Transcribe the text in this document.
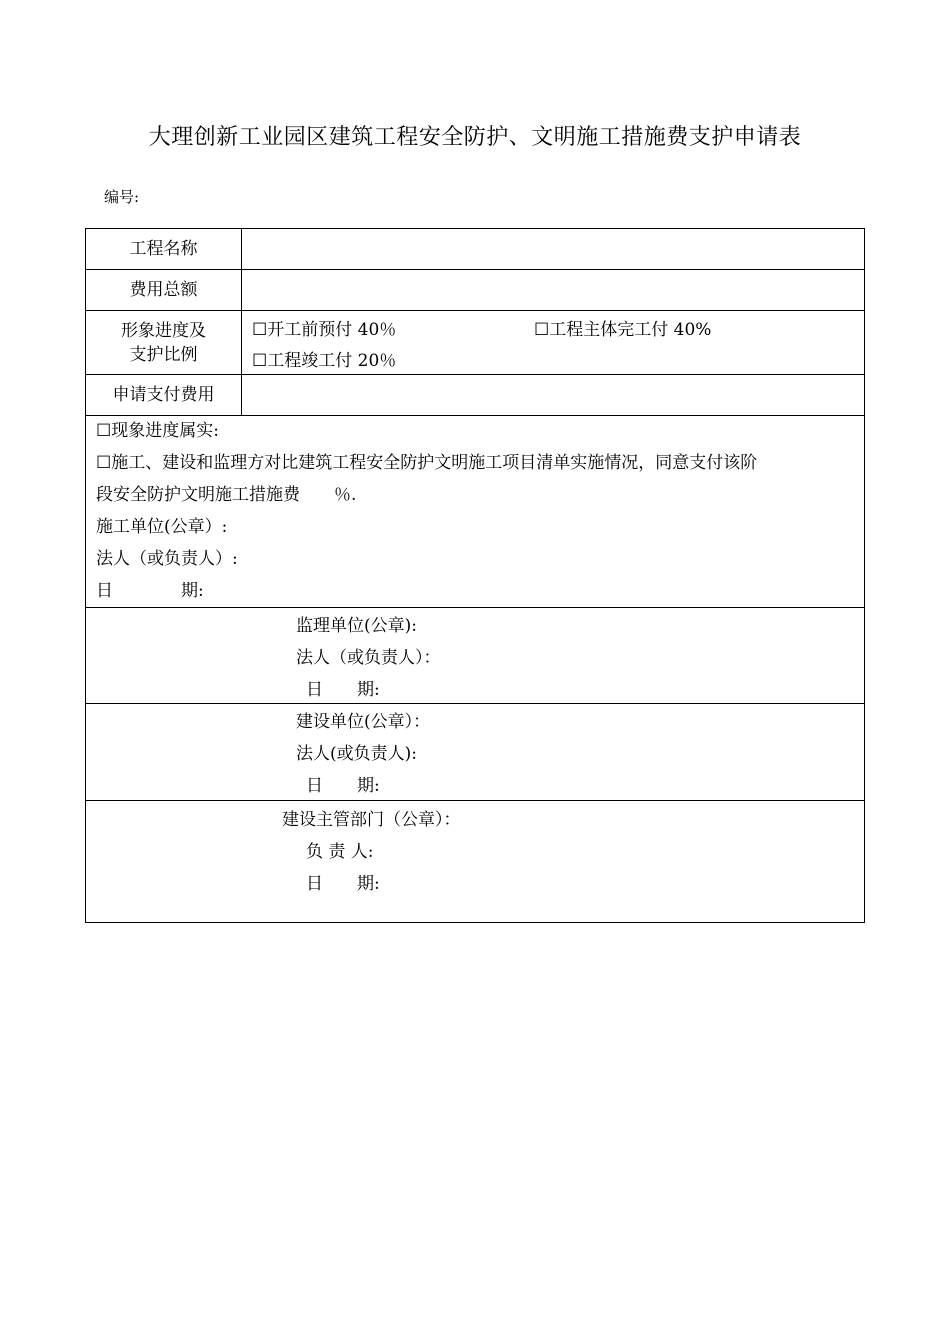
大理创新工业园区建筑工程安全防护、文明施工措施费支护申请表
编号:
工程名称
费用总额
形象进度及
支护比例
☐开工前预付 40％	☐工程主体完工付 40%
☐工程竣工付 20％
申请支付费用
☐现象进度属实:
☐施工、建设和监理方对比建筑工程安全防护文明施工项目清单实施情况，同意支付该阶
段安全防护文明施工措施费　　％.
施工单位(公章）:
法人（或负责人）:
日　　　　期:
监理单位(公章):
法人（或负责人）：
日　　期:
建设单位(公章）：
法人(或负责人):
日　　期:
建设主管部门（公章）：
负 责 人:
日　　期:
